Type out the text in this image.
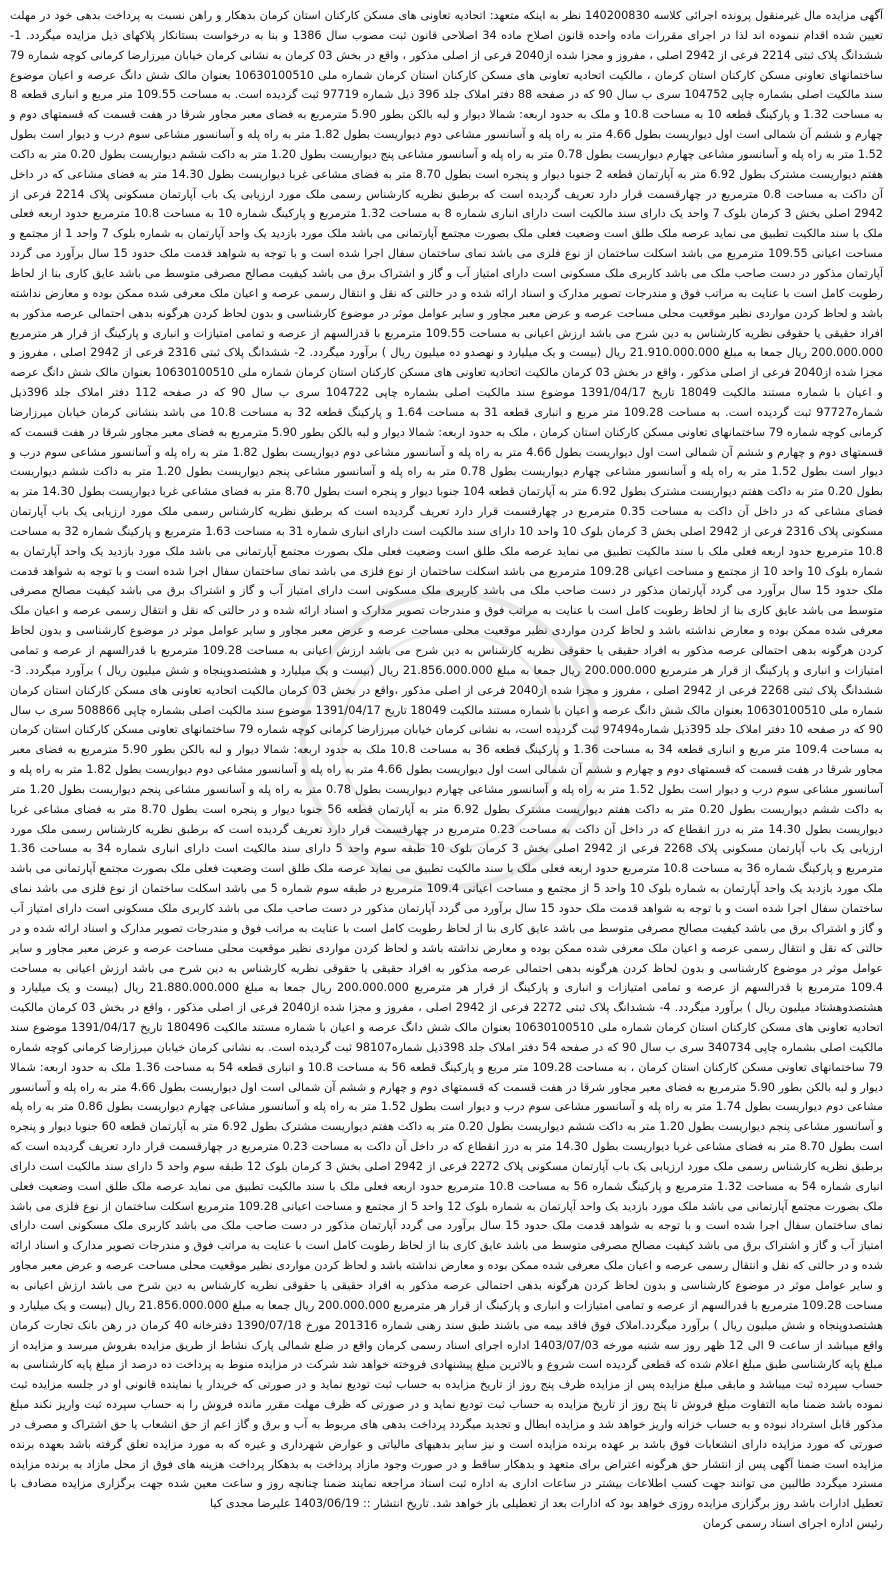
آگهی مزایده مال غیرمنقول پرونده اجرائی کلاسه 140200830 نظر به اینکه متعهد: اتحادیه تعاونی های مسکن کارکنان استان کرمان بدهکار و راهن نسبت به پرداخت بدهی خود در مهلت تعیین شده اقدام ننموده اند لذا در اجرای مقررات ماده واحده قانون اصلاح ماده 34 اصلاحی قانون ثبت مصوب سال 1386 و بنا به درخواست بستانکار پلاکهای ذیل مزایده میگردد. 1- ششدانگ پلاک ثبتی 2214 فرعی از 2942 اصلی ، مفروز و مجزا شده از2040 فرعی از اصلی مذکور ، واقع در بخش 03 کرمان به نشانی کرمان خیابان میرزارضا کرمانی کوچه شماره 79 ساختمانهای تعاونی مسکن کارکنان استان کرمان ، مالکیت اتحادیه تعاونی های مسکن کارکنان استان کرمان شماره ملی 10630100510 بعنوان مالک شش دانگ عرصه و اعیان موضوع سند مالکیت اصلی بشماره چاپی 104752 سری ب سال 90 که در صفحه 88 دفتر املاک جلد 396 ذیل شماره 97719 ثبت گردیده است. به مساحت 109.55 متر مربع و انباری قطعه 8 به مساحت 1.32 و پارکینگ قطعه 10 به مساحت 10.8 و ملک به حدود اربعه: شمالا دیوار و لبه بالکن بطور 5.90 مترمربع به فضای معبر مجاور شرقا در هفت قسمت که قسمتهای دوم و چهارم و ششم آن شمالی است اول دیواریست بطول 4.66 متر به راه پله و آسانسور مشاعی دوم دیواریست بطول 1.82 متر به راه پله و آسانسور مشاعی سوم درب و دیوار است بطول 1.52 متر به راه پله و آسانسور مشاعی چهارم دیواریست بطول 0.78 متر به راه پله و آسانسور مشاعی پنج دیواریست بطول 1.20 متر به داکت ششم دیواریست بطول 0.20 متر به داکت هفتم دیواریست مشترک بطول 6.92 متر به آپارتمان قطعه 2 جنوبا دیوار و پنجره است بطول 8.70 متر به فضای مشاعی غربا دیواریست بطول 14.30 متر به فضای مشاعی که در داخل آن داکت به مساحت 0.8 مترمربع در چهارقسمت قرار دارد تعریف گردیده است که برطبق نظریه کارشناس رسمی ملک مورد ارزیابی یک باب آپارتمان مسکونی پلاک 2214 فرعی از 2942 اصلی بخش 3 کرمان بلوک 7 واحد یک دارای سند مالکیت است دارای انباری شماره 8 به مساحت 1.32 مترمربع و پارکینگ شماره 10 به مساحت 10.8 مترمربع حدود اربعه فعلی ملک با سند مالکیت تطبیق می نماید عرصه ملک طلق است وضعیت فعلی ملک بصورت مجتمع آپارتمانی می باشد ملک مورد بازدید یک واحد آپارتمان به شماره بلوک 7 واحد 1 از مجتمع و مساحت اعیانی 109.55 مترمربع می باشد اسکلت ساختمان از نوع فلزی می باشد نمای ساختمان سفال اجرا شده است و با توجه به شواهد قدمت ملک حدود 15 سال برآورد می گردد آپارتمان مذکور در دست صاحب ملک می باشد کاربری ملک مسکونی است دارای امتیاز آب و گاز و اشتراک برق می باشد کیفیت مصالح مصرفی متوسط می باشد عایق کاری بنا از لحاظ رطوبت کامل است با عنایت به مراتب فوق و مندرجات تصویر مدارک و اسناد ارائه شده و در حالتی که نقل و انتقال رسمی عرصه و اعیان ملک معرفی شده ممکن بوده و معارض نداشته باشد و لحاظ کردن مواردی نظیر موقعیت محلی مساحت عرصه و عرض معبر مجاور و سایر عوامل موثر در موضوع کارشناسی و بدون لحاظ کردن هرگونه بدهی احتمالی عرصه مذکور به افراد حقیقی یا حقوقی نظریه کارشناس به دین شرح می باشد ارزش اعیانی به مساحت 109.55 مترمربع با قدرالسهم از عرصه و تمامی امتیازات و انباری و پارکینگ از قرار هر مترمربع 200.000.000 ریال جمعا به مبلغ 21.910.000.000 ریال (بیست و یک میلیارد و نهصدو ده میلیون ریال ) برآورد میگردد. 2- ششدانگ پلاک ثبتی 2316 فرعی از 2942 اصلی ، مفروز و مجزا شده از2040 فرعی از اصلی مذکور ، واقع در بخش 03 کرمان مالکیت اتحادیه تعاونی های مسکن کارکنان استان کرمان شماره ملی 10630100510 بعنوان مالک شش دانگ عرصه و اعیان با شماره مستند مالکیت 18049 تاریخ 1391/04/17 موضوع سند مالکیت اصلی بشماره چاپی 104722 سری ب سال 90 که در صفحه 112 دفتر املاک جلد 396ذیل شماره97727 ثبت گردیده است. به مساحت 109.28 متر مربع و انباری قطعه 31 به مساحت 1.64 و پارکینگ قطعه 32 به مساحت 10.8 می باشد بنشانی کرمان خیابان میرزارضا کرمانی کوچه شماره 79 ساختمانهای تعاونی مسکن کارکنان استان کرمان ، ملک به حدود اربعه: شمالا دیوار و لبه بالکن بطور 5.90 مترمربع به فضای معبر مجاور شرقا در هفت قسمت که قسمتهای دوم و چهارم و ششم آن شمالی است اول دیواریست بطول 4.66 متر به راه پله و آسانسور مشاعی دوم دیواریست بطول 1.82 متر به راه پله و آسانسور مشاعی سوم درب و دیوار است بطول 1.52 متر به راه پله و آسانسور مشاعی چهارم دیواریست بطول 0.78 متر به راه پله و آسانسور مشاعی پنجم دیواریست بطول 1.20 متر به داکت ششم دیواریست بطول 0.20 متر به داکت هفتم دیواریست مشترک بطول 6.92 متر به آپارتمان قطعه 104 جنوبا دیوار و پنجره است بطول 8.70 متر به فضای مشاعی غربا دیواریست بطول 14.30 متر به فضای مشاعی که در داخل آن داکت به مساحت 0.35 مترمربع در چهارقسمت قرار دارد تعریف گردیده است که برطبق نظریه کارشناس رسمی ملک مورد ارزیابی یک باب آپارتمان مسکونی پلاک 2316 فرعی از 2942 اصلی بخش 3 کرمان بلوک 10 واحد 10 دارای سند مالکیت است دارای انباری شماره 31 به مساحت 1.63 مترمربع و پارکینگ شماره 32 به مساحت 10.8 مترمربع حدود اربعه فعلی ملک با سند مالکیت تطبیق می نماید عرصه ملک طلق است وضعیت فعلی ملک بصورت مجتمع آپارتمانی می باشد ملک مورد بازدید یک واحد آپارتمان به شماره بلوک 10 واحد 10 از مجتمع و مساحت اعیانی 109.28 مترمربع می باشد اسکلت ساختمان از نوع فلزی می باشد نمای ساختمان سفال اجرا شده است و با توجه به شواهد قدمت ملک حدود 15 سال برآورد می گردد آپارتمان مذکور در دست صاحب ملک می باشد کاربری ملک مسکونی است دارای امتیاز آب و گاز و اشتراک برق می باشد کیفیت مصالح مصرفی متوسط می باشد عایق کاری بنا از لحاظ رطوبت کامل است با عنایت به مراتب فوق و مندرجات تصویر مدارک و اسناد ارائه شده و در حالتی که نقل و انتقال رسمی عرصه و اعیان ملک معرفی شده ممکن بوده و معارض نداشته باشد و لحاظ کردن مواردی نظیر موقعیت محلی مساحت عرصه و عرض معبر مجاور و سایر عوامل موثر در موضوع کارشناسی و بدون لحاظ کردن هرگونه بدهی احتمالی عرصه مذکور به افراد حقیقی یا حقوقی نظریه کارشناس به دین شرح می باشد ارزش اعیانی به مساحت 109.28 مترمربع با قدرالسهم از عرصه و تمامی امتیازات و انباری و پارکینگ از قرار هر مترمربع 200.000.000 ریال جمعا به مبلغ 21.856.000.000 ریال (بیست و یک میلیارد و هشتصدوپنجاه و شش میلیون ریال ) برآورد میگردد. 3- ششدانگ پلاک ثبتی 2268 فرعی از 2942 اصلی ، مفروز و مجزا شده از2040 فرعی از اصلی مذکور ،واقع در بخش 03 کرمان مالکیت اتحادیه تعاونی های مسکن کارکنان استان کرمان شماره ملی 10630100510 بعنوان مالک شش دانگ عرصه و اعیان با شماره مستند مالکیت 18049 تاریخ 1391/04/17 موضوع سند مالکیت اصلی بشماره چاپی 508866 سری ب سال 90 که در صفحه 10 دفتر املاک جلد 395ذیل شماره97494 ثبت گردیده است، به نشانی کرمان خیابان میرزارضا کرمانی کوچه شماره 79 ساختمانهای تعاونی مسکن کارکنان استان کرمان به مساحت 109.4 متر مربع و انباری قطعه 34 به مساحت 1.36 و پارکینگ قطعه 36 به مساحت 10.8 ملک به حدود اربعه: شمالا دیوار و لبه بالکن بطور 5.90 مترمربع به فضای معبر مجاور شرقا در هفت قسمت که قسمتهای دوم و چهارم و ششم آن شمالی است اول دیواریست بطول 4.66 متر به راه پله و آسانسور مشاعی دوم دیواریست بطول 1.82 متر به راه پله و آسانسور مشاعی سوم درب و دیوار است بطول 1.52 متر به راه پله و آسانسور مشاعی چهارم دیواریست بطول 0.78 متر به راه پله و آسانسور مشاعی پنجم دیواریست بطول 1.20 متر به داکت ششم دیواریست بطول 0.20 متر به داکت هفتم دیواریست مشترک بطول 6.92 متر به آپارتمان قطعه 56 جنوبا دیوار و پنجره است بطول 8.70 متر به فضای مشاعی غربا دیواریست بطول 14.30 متر به درز انقطاع که در داخل آن داکت به مساحت 0.23 مترمربع در چهارقسمت قرار دارد تعریف گردیده است که برطبق نظریه کارشناس رسمی ملک مورد ارزیابی یک باب آپارتمان مسکونی پلاک 2268 فرعی از 2942 اصلی بخش 3 کرمان بلوک 10 طبقه سوم واحد 5 دارای سند مالکیت است دارای انباری شماره 34 به مساحت 1.36 مترمربع و پارکینگ شماره 36 به مساحت 10.8 مترمربع حدود اربعه فعلی ملک با سند مالکیت تطبیق می نماید عرصه ملک طلق است وضعیت فعلی ملک بصورت مجتمع آپارتمانی می باشد ملک مورد بازدید یک واحد آپارتمان به شماره بلوک 10 واحد 5 از مجتمع و مساحت اعیانی 109.4 مترمربع در طبقه سوم شماره 5 می باشد اسکلت ساختمان از نوع فلزی می باشد نمای ساختمان سفال اجرا شده است و با توجه به شواهد قدمت ملک حدود 15 سال برآورد می گردد آپارتمان مذکور در دست صاحب ملک می باشد کاربری ملک مسکونی است دارای امتیاز آب و گاز و اشتراک برق می باشد کیفیت مصالح مصرفی متوسط می باشد عایق کاری بنا از لحاظ رطوبت کامل است با عنایت به مراتب فوق و مندرجات تصویر مدارک و اسناد ارائه شده و در حالتی که نقل و انتقال رسمی عرصه و اعیان ملک معرفی شده ممکن بوده و معارض نداشته باشد و لحاظ کردن مواردی نظیر موقعیت محلی مساحت عرصه و عرض معبر مجاور و سایر عوامل موثر در موضوع کارشناسی و بدون لحاظ کردن هرگونه بدهی احتمالی عرصه مذکور به افراد حقیقی یا حقوقی نظریه کارشناس به دین شرح می باشد ارزش اعیانی به مساحت 109.4 مترمربع با قدرالسهم از عرصه و تمامی امتیازات و انباری و پارکینگ از قرار هر مترمربع 200.000.000 ریال جمعا به مبلغ 21.880.000.000 ریال (بیست و یک میلیارد و هشتصدوهشتاد میلیون ریال ) برآورد میگردد. 4- ششدانگ پلاک ثبتی 2272 فرعی از 2942 اصلی ، مفروز و مجزا شده از2040 فرعی از اصلی مذکور ، واقع در بخش 03 کرمان مالکیت اتحادیه تعاونی های مسکن کارکنان استان کرمان شماره ملی 10630100510 بعنوان مالک شش دانگ عرصه و اعیان با شماره مستند مالکیت 180496 تاریخ 1391/04/17 موضوع سند مالکیت اصلی بشماره چاپی 340734 سری ب سال 90 که در صفحه 54 دفتر املاک جلد 398ذیل شماره98107 ثبت گردیده است. به نشانی کرمان خیابان میرزارضا کرمانی کوچه شماره 79 ساختمانهای تعاونی مسکن کارکنان استان کرمان ، به مساحت 109.28 متر مربع و پارکینگ قطعه 56 به مساحت 10.8 و انباری قطعه 54 به مساحت 1.36 ملک به حدود اربعه: شمالا دیوار و لبه بالکن بطور 5.90 مترمربع به فضای معبر مجاور شرقا در هفت قسمت که قسمتهای دوم و چهارم و ششم آن شمالی است اول دیواریست بطول 4.66 متر به راه پله و آسانسور مشاعی دوم دیواریست بطول 1.74 متر به راه پله و آسانسور مشاعی سوم درب و دیوار است بطول 1.52 متر به راه پله و آسانسور مشاعی چهارم دیواریست بطول 0.86 متر به راه پله و آسانسور مشاعی پنجم دیواریست بطول 1.20 متر به داکت ششم دیواریست بطول 0.20 متر به داکت هفتم دیواریست مشترک بطول 6.92 متر به آپارتمان قطعه 60 جنوبا دیوار و پنجره است بطول 8.70 متر به فضای مشاعی غربا دیواریست بطول 14.30 متر به درز انقطاع که در داخل آن داکت به مساحت 0.23 مترمربع در چهارقسمت قرار دارد تعریف گردیده است که برطبق نظریه کارشناس رسمی ملک مورد ارزیابی یک باب آپارتمان مسکونی پلاک 2272 فرعی از 2942 اصلی بخش 3 کرمان بلوک 12 طبقه سوم واحد 5 دارای سند مالکیت است دارای انباری شماره 54 به مساحت 1.32 مترمربع و پارکینگ شماره 56 به مساحت 10.8 مترمربع حدود اربعه فعلی ملک با سند مالکیت تطبیق می نماید عرصه ملک طلق است وضعیت فعلی ملک بصورت مجتمع آپارتمانی می باشد ملک مورد بازدید یک واحد آپارتمان به شماره بلوک 12 واحد 5 از مجتمع و مساحت اعیانی 109.28 مترمربع اسکلت ساختمان از نوع فلزی می باشد نمای ساختمان سفال اجرا شده است و با توجه به شواهد قدمت ملک حدود 15 سال برآورد می گردد آپارتمان مذکور در دست صاحب ملک می باشد کاربری ملک مسکونی است دارای امتیاز آب و گاز و اشتراک برق می باشد کیفیت مصالح مصرفی متوسط می باشد عایق کاری بنا از لحاظ رطوبت کامل است با عنایت به مراتب فوق و مندرجات تصویر مدارک و اسناد ارائه شده و در حالتی که نقل و انتقال رسمی عرصه و اعیان ملک معرفی شده ممکن بوده و معارض نداشته باشد و لحاظ کردن مواردی نظیر موقعیت محلی مساحت عرصه و عرض معبر مجاور و سایر عوامل موثر در موضوع کارشناسی و بدون لحاظ کردن هرگونه بدهی احتمالی عرصه مذکور به افراد حقیقی یا حقوقی نظریه کارشناس به دین شرح می باشد ارزش اعیانی به مساحت 109.28 مترمربع با قدرالسهم از عرصه و تمامی امتیازات و انباری و پارکینگ از قرار هر مترمربع 200.000.000 ریال جمعا به مبلغ 21.856.000.000 ریال (بیست و یک میلیارد و هشتصدوپنجاه و شش میلیون ریال ) برآورد میگردد.املاک فوق فاقد بیمه می باشند طبق سند رهنی شماره 201316 مورخ 1390/07/18 دفترخانه 40 کرمان در رهن بانک تجارت کرمان واقع میباشد از ساعت 9 الی 12 ظهر روز سه شنبه مورخه 1403/07/03 اداره اجرای اسناد رسمی کرمان واقع در ضلع شمالی پارک نشاط از طریق مزایده بفروش میرسد و مزایده از مبلغ پایه کارشناسی طبق مبلغ اعلام شده که قطعی گردیده است شروع و بالاترین مبلغ پیشنهادی فروخته خواهد شد شرکت در مزایده منوط به پرداخت ده درصد از مبلغ پایه کارشناسی به حساب سپرده ثبت میباشد و مابقی مبلغ مزایده پس از مزایده ظرف پنج روز از تاریخ مزایده به حساب ثبت تودیع نماید و در صورتی که خریدار یا نماینده قانونی او در جلسه مزایده ثبت نموده باشد ضمنا مابه التفاوت مبلغ فروش تا پنج روز از تاریخ مزایده به حساب ثبت تودیع نماید و در صورتی که ظرف مهلت مقرر مانده فروش را به حساب سپرده ثبت واریز نکند مبلغ مذکور قابل استرداد نبوده و به حساب خزانه واریز خواهد شد و مزایده ابطال و تجدید میگردد پرداخت بدهی های مربوط به آب و برق و گاز اعم از حق انشعاب یا حق اشتراک و مصرف در صورتی که مورد مزایده دارای انشعابات فوق باشد بر عهده برنده مزایده است و نیز سایر بدهیهای مالیاتی و عوارض شهرداری و غیره که به مورد مزایده تعلق گرفته باشد بعهده برنده مزایده است ضمنا آگهی پس از انتشار حق هرگونه اعتراض برای متعهد و بدهکار ساقط و در صورت وجود مازاد پرداخت به بدهکار پرداخت هزینه های فوق از محل مازاد به برنده مزایده مسترد میگردد طالبین می توانند جهت کسب اطلاعات بیشتر در ساعات اداری به اداره ثبت اسناد مراجعه نمایند ضمنا چنانچه روز و ساعت معین شده جهت برگزاری مزایده مصادف با تعطیل ادارات باشد روز برگزاری مزایده روزی خواهد بود که ادارات بعد از تعطیلی باز خواهد شد. تاریخ انتشار :: 1403/06/19 علیرضا مجدی کیا

رئیس اداره اجرای اسناد رسمی کرمان
